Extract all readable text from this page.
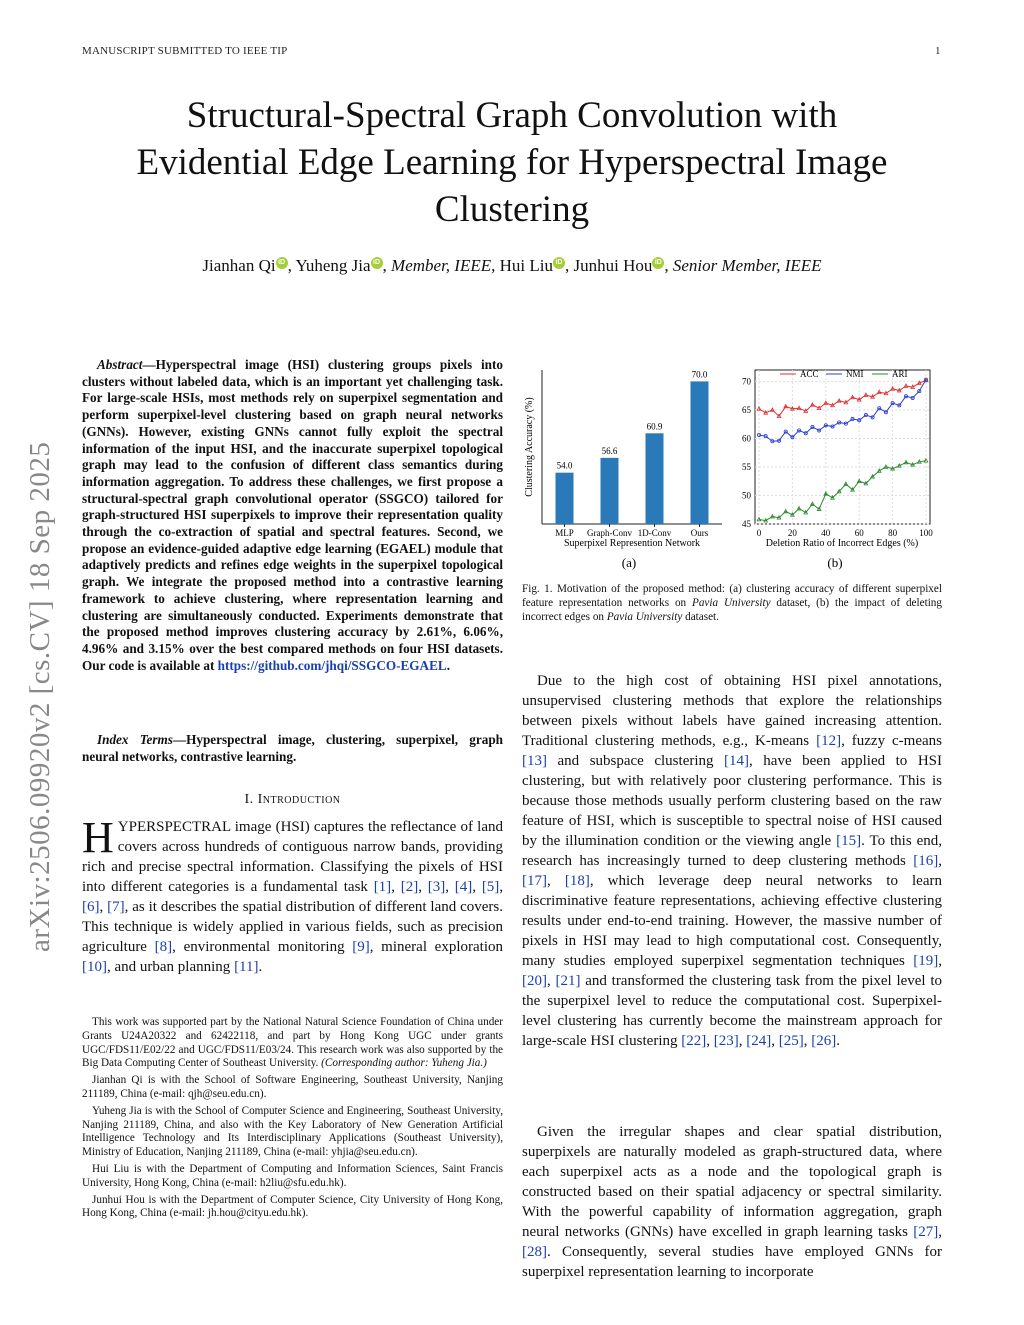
MANUSCRIPT SUBMITTED TO IEEE TIP	1
Structural-Spectral Graph Convolution with
Evidential Edge Learning for Hyperspectral Image
Clustering
Jianhan Qi iD , Yuheng Jia iD , Member, IEEE, Hui Liu iD , Junhui Hou iD , Senior Member, IEEE
arXiv:2506.09920v2 [cs.CV] 18 Sep 2025
Abstract—Hyperspectral image (HSI) clustering groups pixels into clusters without labeled data, which is an important yet challenging task. For large-scale HSIs, most methods rely on superpixel segmentation and perform superpixel-level clustering based on graph neural networks (GNNs). However, existing GNNs cannot fully exploit the spectral information of the input HSI, and the inaccurate superpixel topological graph may lead to the confusion of different class semantics during information aggregation. To address these challenges, we first propose a structural-spectral graph convolutional operator (SSGCO) tailored for graph-structured HSI superpixels to improve their representation quality through the co-extraction of spatial and spectral features. Second, we propose an evidence-guided adaptive edge learning (EGAEL) module that adaptively predicts and refines edge weights in the superpixel topological graph. We integrate the proposed method into a contrastive learning framework to achieve clustering, where representation learning and clustering are simultaneously conducted. Experiments demonstrate that the proposed method improves clustering accuracy by 2.61%, 6.06%, 4.96% and 3.15% over the best compared methods on four HSI datasets. Our code is available at https://github.com/jhqi/SSGCO-EGAEL.
Index Terms—Hyperspectral image, clustering, superpixel, graph neural networks, contrastive learning.
I. Introduction
HYPERSPECTRAL image (HSI) captures the reflectance of land covers across hundreds of contiguous narrow bands, providing rich and precise spectral information. Classifying the pixels of HSI into different categories is a fundamental task [1], [2], [3], [4], [5], [6], [7], as it describes the spatial distribution of different land covers. This technique is widely applied in various fields, such as precision agriculture [8], environmental monitoring [9], mineral exploration [10], and urban planning [11].

This work was supported part by the National Natural Science Foundation of China under Grants U24A20322 and 62422118, and part by Hong Kong UGC under grants UGC/FDS11/E02/22 and UGC/FDS11/E03/24. This research work was also supported by the Big Data Computing Center of Southeast University. (Corresponding author: Yuheng Jia.)

Jianhan Qi is with the School of Software Engineering, Southeast University, Nanjing 211189, China (e-mail: qjh@seu.edu.cn).

Yuheng Jia is with the School of Computer Science and Engineering, Southeast University, Nanjing 211189, China, and also with the Key Laboratory of New Generation Artificial Intelligence Technology and Its Interdisciplinary Applications (Southeast University), Ministry of Education, Nanjing 211189, China (e-mail: yhjia@seu.edu.cn).

Hui Liu is with the Department of Computing and Information Sciences, Saint Francis University, Hong Kong, China (e-mail: h2liu@sfu.edu.hk).

Junhui Hou is with the Department of Computer Science, City University of Hong Kong, Hong Kong, China (e-mail: jh.hou@cityu.edu.hk).

Clustering Accuracy (%)
Superpixel Represention Network
54.0
MLP
56.6
Graph-Conv
60.9
1D-Conv
70.0
Ours
45
50
55
60
65
70
0	20	40	60	80 100
ACC	NMI	ARI
Deletion Ratio of Incorrect Edges (%)
(a)	(b)
Fig. 1. Motivation of the proposed method: (a) clustering accuracy of different superpixel feature representation networks on Pavia University dataset, (b) the impact of deleting incorrect edges on Pavia University dataset.

Due to the high cost of obtaining HSI pixel annotations, unsupervised clustering methods that explore the relationships between pixels without labels have gained increasing attention. Traditional clustering methods, e.g., K-means [12], fuzzy c-means [13] and subspace clustering [14], have been applied to HSI clustering, but with relatively poor clustering performance. This is because those methods usually perform clustering based on the raw feature of HSI, which is susceptible to spectral noise of HSI caused by the illumination condition or the viewing angle [15]. To this end, research has increasingly turned to deep clustering methods [16], [17], [18], which leverage deep neural networks to learn discriminative feature representations, achieving effective clustering results under end-to-end training. However, the massive number of pixels in HSI may lead to high computational cost. Consequently, many studies employed superpixel segmentation techniques [19], [20], [21] and transformed the clustering task from the pixel level to the superpixel level to reduce the computational cost. Superpixel-level clustering has currently become the mainstream approach for large-scale HSI clustering [22], [23], [24], [25], [26].

Given the irregular shapes and clear spatial distribution, superpixels are naturally modeled as graph-structured data, where each superpixel acts as a node and the topological graph is constructed based on their spatial adjacency or spectral similarity. With the powerful capability of information aggregation, graph neural networks (GNNs) have excelled in graph learning tasks [27], [28]. Consequently, several studies have employed GNNs for superpixel representation learning to incorporate
